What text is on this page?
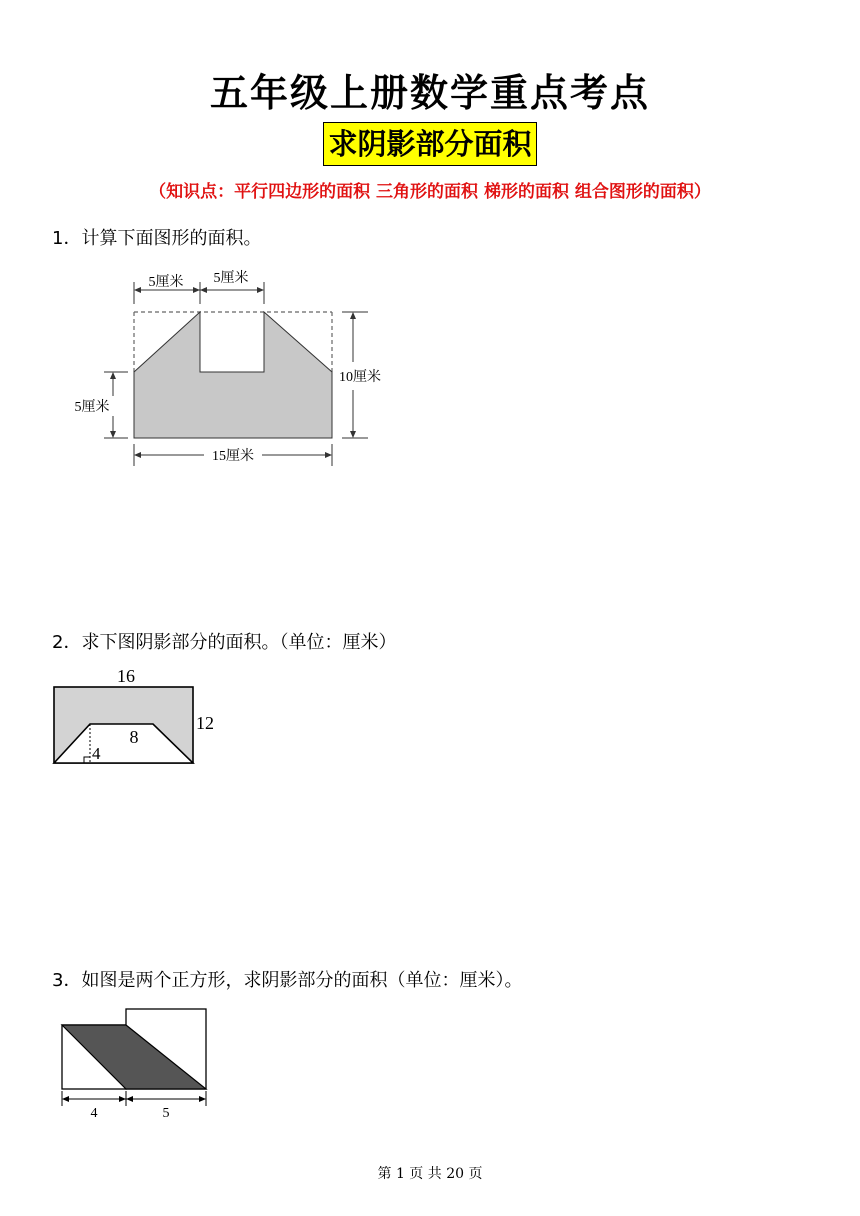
五年级上册数学重点考点
求阴影部分面积
（知识点：平行四边形的面积 三角形的面积 梯形的面积 组合图形的面积）
1．计算下面图形的面积。
5厘米 5厘米
10厘米
5厘米
15厘米
2．求下图阴影部分的面积。（单位：厘米）
16
12
8
4
3．如图是两个正方形，求阴影部分的面积（单位：厘米）。
4	5
第 1 页 共 20 页
